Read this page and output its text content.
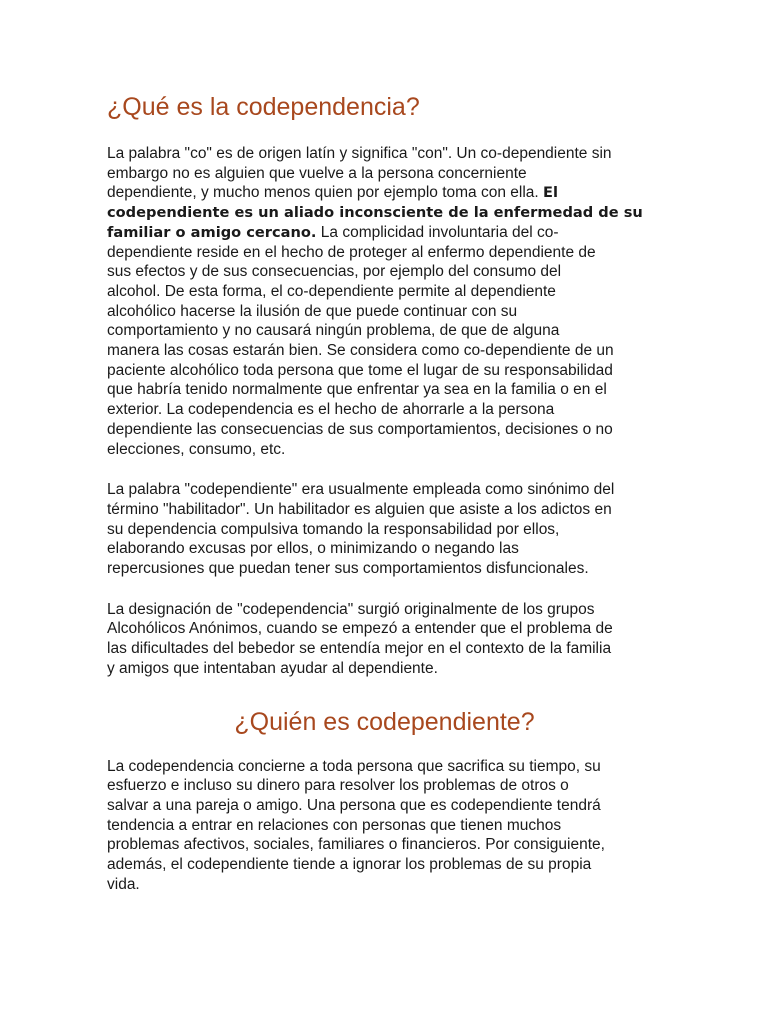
¿Qué es la codependencia?

La palabra "co" es de origen latín y significa "con". Un co-dependiente sin
embargo no es alguien que vuelve a la persona concerniente
dependiente, y mucho menos quien por ejemplo toma con ella. El
codependiente es un aliado inconsciente de la enfermedad de su
familiar o amigo cercano. La complicidad involuntaria del co-
dependiente reside en el hecho de proteger al enfermo dependiente de
sus efectos y de sus consecuencias, por ejemplo del consumo del
alcohol. De esta forma, el co-dependiente permite al dependiente
alcohólico hacerse la ilusión de que puede continuar con su
comportamiento y no causará ningún problema, de que de alguna
manera las cosas estarán bien. Se considera como co-dependiente de un
paciente alcohólico toda persona que tome el lugar de su responsabilidad
que habría tenido normalmente que enfrentar ya sea en la familia o en el
exterior. La codependencia es el hecho de ahorrarle a la persona
dependiente las consecuencias de sus comportamientos, decisiones o no
elecciones, consumo, etc.

La palabra "codependiente" era usualmente empleada como sinónimo del
término "habilitador". Un habilitador es alguien que asiste a los adictos en
su dependencia compulsiva tomando la responsabilidad por ellos,
elaborando excusas por ellos, o minimizando o negando las
repercusiones que puedan tener sus comportamientos disfuncionales.

La designación de "codependencia" surgió originalmente de los grupos
Alcohólicos Anónimos, cuando se empezó a entender que el problema de
las dificultades del bebedor se entendía mejor en el contexto de la familia
y amigos que intentaban ayudar al dependiente.

¿Quién es codependiente?

La codependencia concierne a toda persona que sacrifica su tiempo, su
esfuerzo e incluso su dinero para resolver los problemas de otros o
salvar a una pareja o amigo. Una persona que es codependiente tendrá
tendencia a entrar en relaciones con personas que tienen muchos
problemas afectivos, sociales, familiares o financieros. Por consiguiente,
además, el codependiente tiende a ignorar los problemas de su propia
vida.
